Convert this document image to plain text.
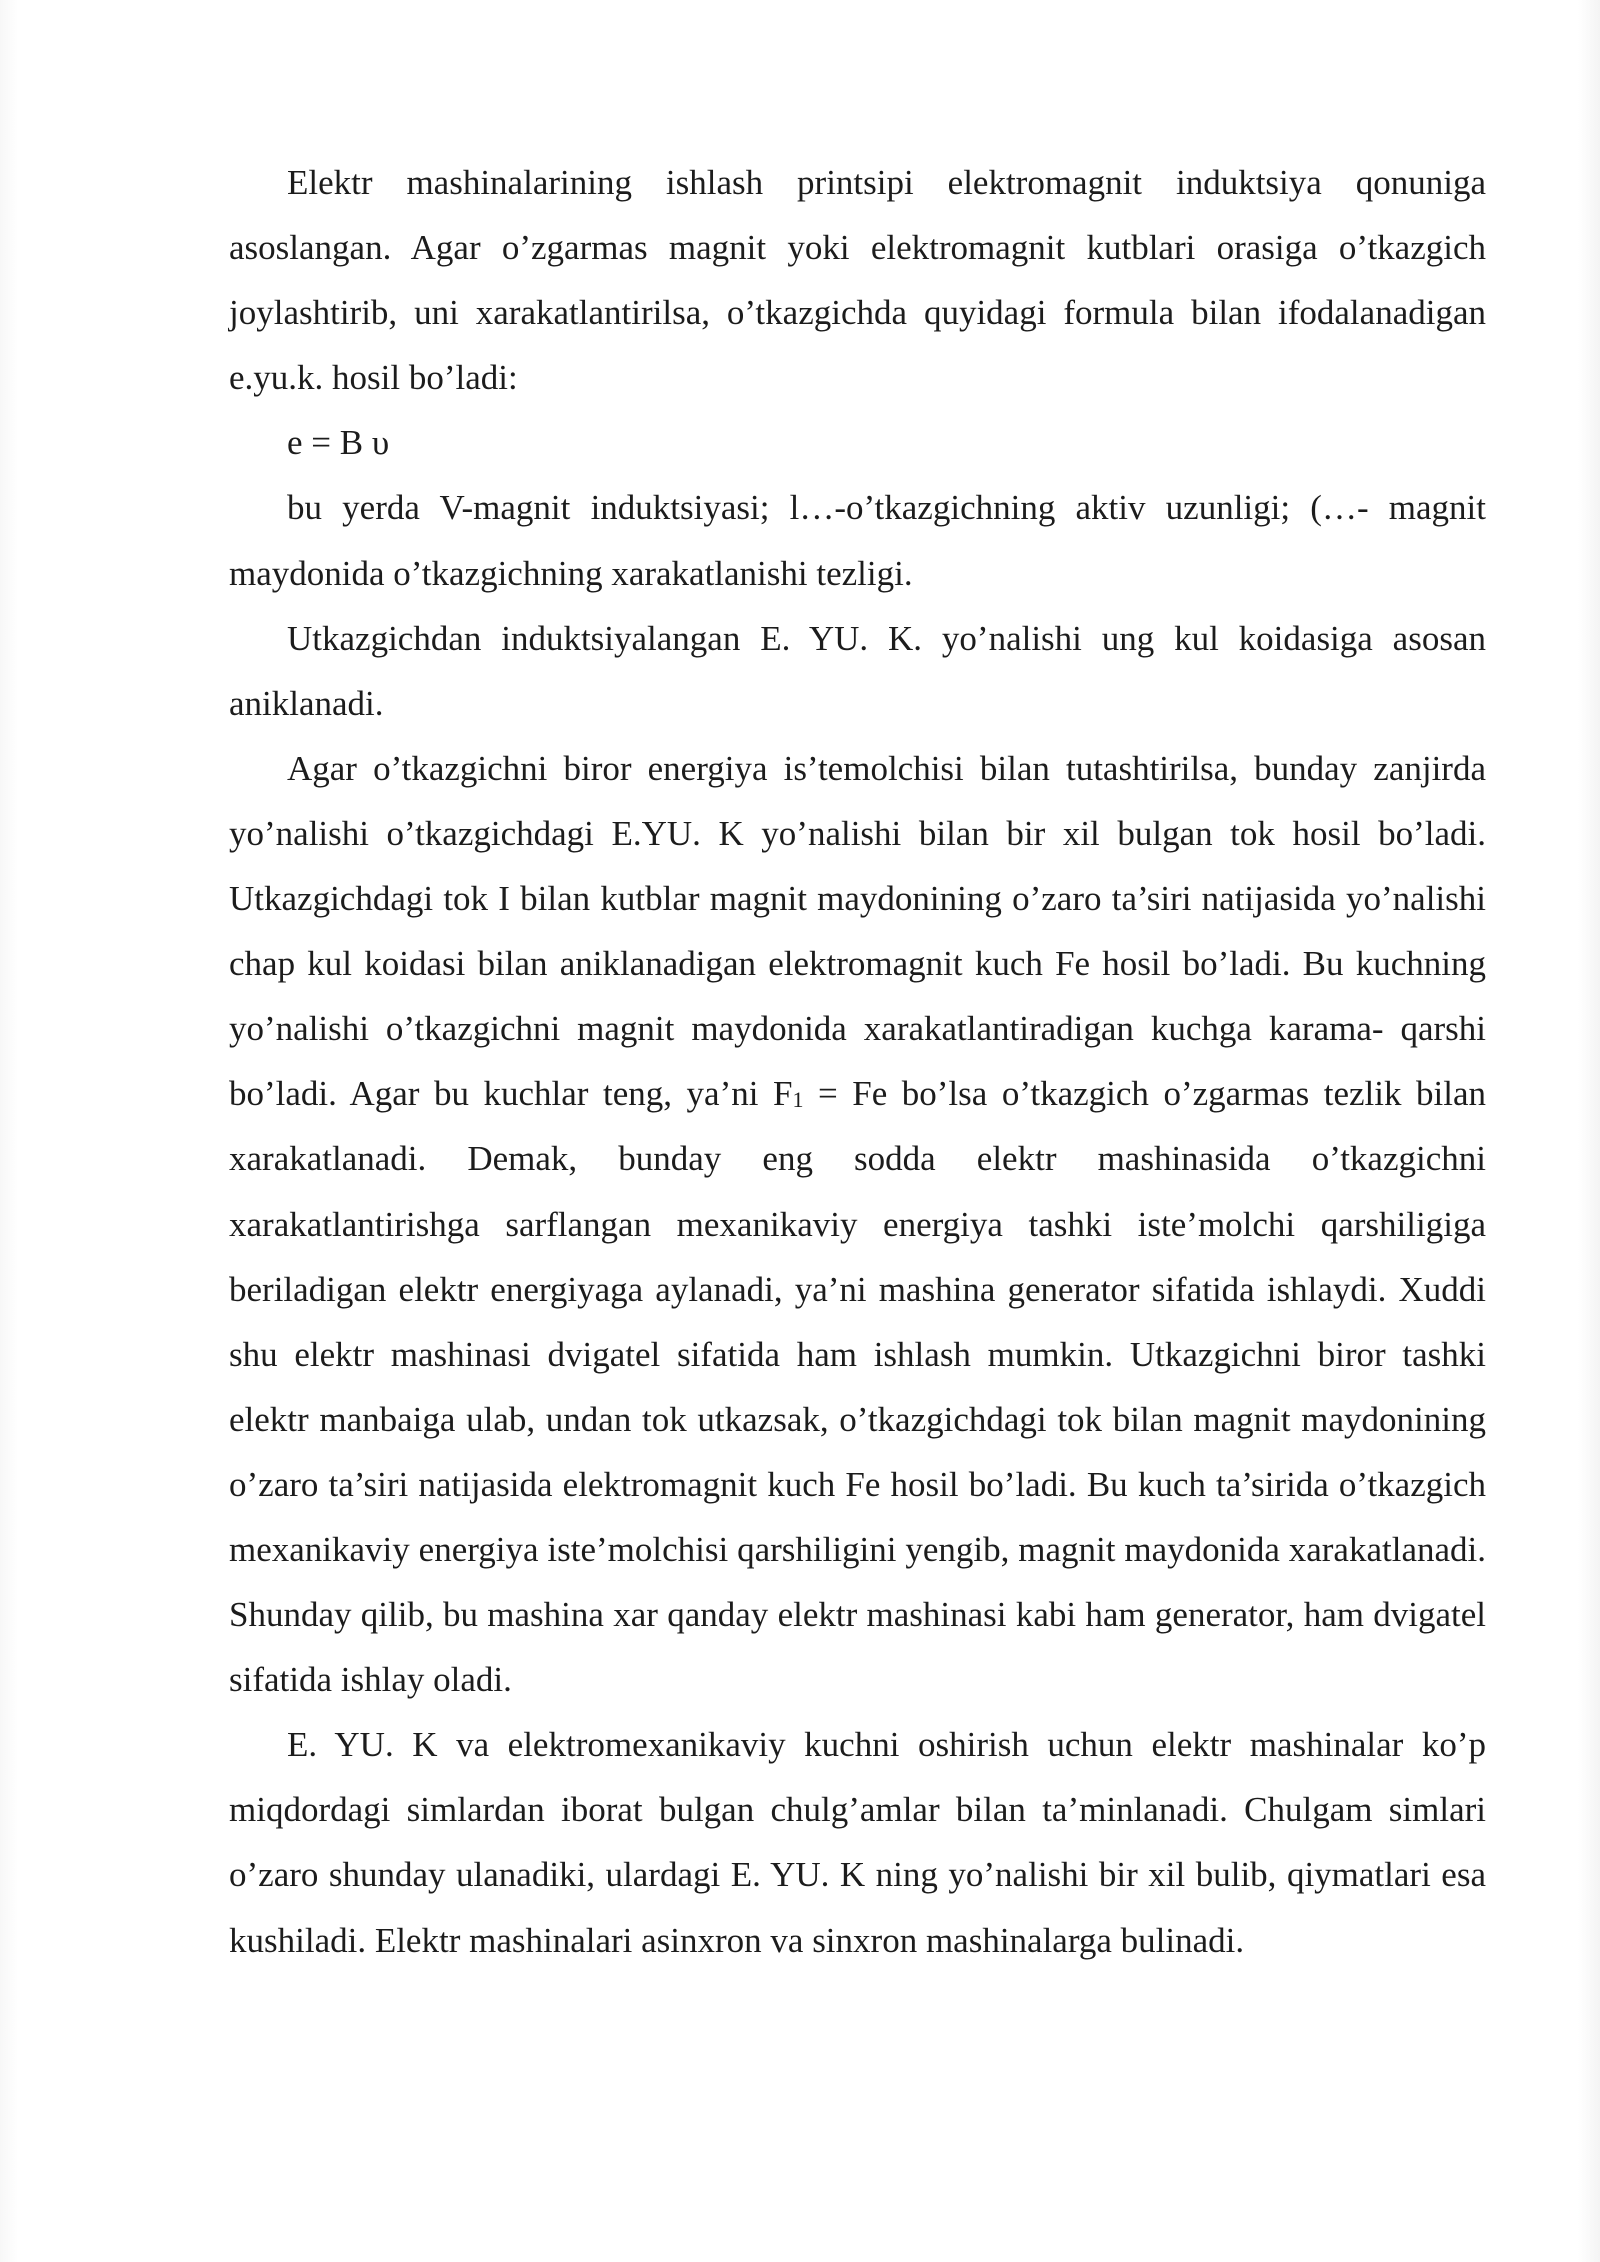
Elektr mashinalarining ishlash printsipi elektromagnit induktsiya qonuniga asoslangan. Agar o’zgarmas magnit yoki elektromagnit kutblari orasiga o’tkazgich joylashtirib, uni xarakatlantirilsa, o’tkazgichda quyidagi formula bilan ifodalanadigan e.yu.k. hosil bo’ladi:

e = B υ

bu yerda V-magnit induktsiyasi; l…-o’tkazgichning aktiv uzunligi; (…- magnit maydonida o’tkazgichning xarakatlanishi tezligi.

Utkazgichdan induktsiyalangan E. YU. K. yo’nalishi ung kul koidasiga asosan aniklanadi.

Agar o’tkazgichni biror energiya is’temolchisi bilan tutashtirilsa, bunday zanjirda yo’nalishi o’tkazgichdagi E.YU. K yo’nalishi bilan bir xil bulgan tok hosil bo’ladi. Utkazgichdagi tok I bilan kutblar magnit maydonining o’zaro ta’siri natijasida yo’nalishi chap kul koidasi bilan aniklanadigan elektromagnit kuch Fe hosil bo’ladi. Bu kuchning yo’nalishi o’tkazgichni magnit maydonida xarakatlantiradigan kuchga karama- qarshi bo’ladi. Agar bu kuchlar teng, ya’ni $F_1 = Fe$ bo’lsa o’tkazgich o’zgarmas tezlik bilan xarakatlanadi. Demak, bunday eng sodda elektr mashinasida o’tkazgichni xarakatlantirishga sarflangan mexanikaviy energiya tashki iste’molchi qarshiligiga beriladigan elektr energiyaga aylanadi, ya’ni mashina generator sifatida ishlaydi. Xuddi shu elektr mashinasi dvigatel sifatida ham ishlash mumkin. Utkazgichni biror tashki elektr manbaiga ulab, undan tok utkazsak, o’tkazgichdagi tok bilan magnit maydonining o’zaro ta’siri natijasida elektromagnit kuch Fe hosil bo’ladi. Bu kuch ta’sirida o’tkazgich mexanikaviy energiya iste’molchisi qarshiligini yengib, magnit maydonida xarakatlanadi. Shunday qilib, bu mashina xar qanday elektr mashinasi kabi ham generator, ham dvigatel sifatida ishlay oladi.

E. YU. K va elektromexanikaviy kuchni oshirish uchun elektr mashinalar ko’p miqdordagi simlardan iborat bulgan chulg’amlar bilan ta’minlanadi. Chulgam simlari o’zaro shunday ulanadiki, ulardagi E. YU. K ning yo’nalishi bir xil bulib, qiymatlari esa kushiladi. Elektr mashinalari asinxron va sinxron mashinalarga bulinadi.
